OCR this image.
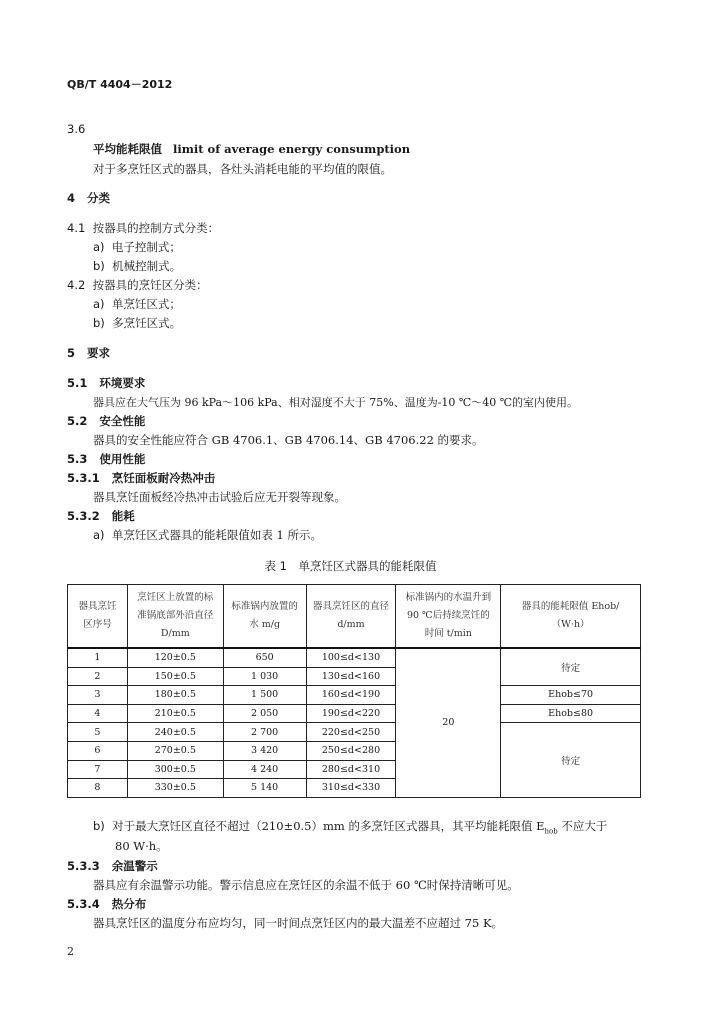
QB/T 4404－2012
3.6
平均能耗限值 limit of average energy consumption
对于多烹饪区式的器具，各灶头消耗电能的平均值的限值。
4 分类
4.1 按器具的控制方式分类：
a) 电子控制式；
b) 机械控制式。
4.2 按器具的烹饪区分类：
a) 单烹饪区式；
b) 多烹饪区式。
5 要求
5.1 环境要求
器具应在大气压为 96 kPa～106 kPa、相对湿度不大于 75%、温度为-10 ℃～40 ℃的室内使用。
5.2 安全性能
器具的安全性能应符合 GB 4706.1、GB 4706.14、GB 4706.22 的要求。
5.3 使用性能
5.3.1 烹饪面板耐冷热冲击
器具烹饪面板经冷热冲击试验后应无开裂等现象。
5.3.2 能耗
a) 单烹饪区式器具的能耗限值如表 1 所示。
表 1　单烹饪区式器具的能耗限值
器具烹饪区序号	烹饪区上放置的标准锅底部外沿直径 D/mm	标准锅内放置的水 m/g	器具烹饪区的直径 d/mm	标准锅内的水温升到 90 ℃后持续烹饪的时间 t/min	器具的能耗限值 Ehob/（W·h）
1	120±0.5	650	100≤d<130	20	待定
2	150±0.5	1 030	130≤d<160		
3	180±0.5	1 500	160≤d<190		Ehob≤70
4	210±0.5	2 050	190≤d<220		Ehob≤80
5	240±0.5	2 700	220≤d<250		待定
6	270±0.5	3 420	250≤d<280		
7	300±0.5	4 240	280≤d<310		
8	330±0.5	5 140	310≤d<330		
b) 对于最大烹饪区直径不超过（210±0.5）mm 的多烹饪区式器具，其平均能耗限值 $E_{hob}$ 不应大于
80 W·h。
5.3.3 余温警示
器具应有余温警示功能。警示信息应在烹饪区的余温不低于 60 ℃时保持清晰可见。
5.3.4 热分布
器具烹饪区的温度分布应均匀，同一时间点烹饪区内的最大温差不应超过 75 K。
2
